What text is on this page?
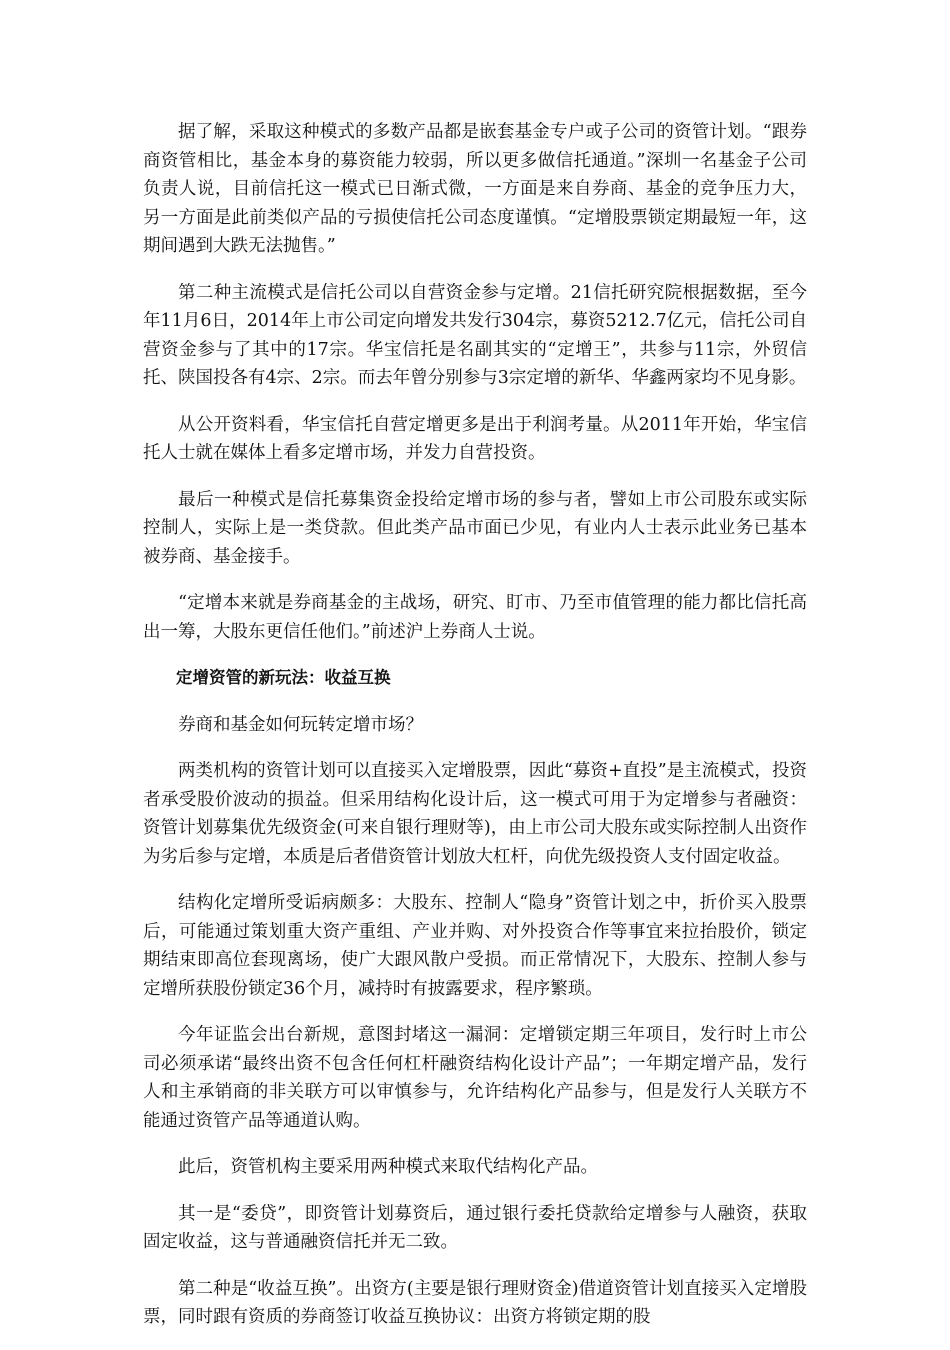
据了解，采取这种模式的多数产品都是嵌套基金专户或子公司的资管计划。“跟券商资管相比，基金本身的募资能力较弱，所以更多做信托通道。”深圳一名基金子公司负责人说，目前信托这一模式已日渐式微，一方面是来自券商、基金的竞争压力大，另一方面是此前类似产品的亏损使信托公司态度谨慎。“定增股票锁定期最短一年，这期间遇到大跌无法抛售。”

第二种主流模式是信托公司以自营资金参与定增。21信托研究院根据数据，至今年11月6日，2014年上市公司定向增发共发行304宗，募资5212.7亿元，信托公司自营资金参与了其中的17宗。华宝信托是名副其实的“定增王”，共参与11宗，外贸信托、陕国投各有4宗、2宗。而去年曾分别参与3宗定增的新华、华鑫两家均不见身影。

从公开资料看，华宝信托自营定增更多是出于利润考量。从2011年开始，华宝信托人士就在媒体上看多定增市场，并发力自营投资。

最后一种模式是信托募集资金投给定增市场的参与者，譬如上市公司股东或实际控制人，实际上是一类贷款。但此类产品市面已少见，有业内人士表示此业务已基本被券商、基金接手。

“定增本来就是券商基金的主战场，研究、盯市、乃至市值管理的能力都比信托高出一筹，大股东更信任他们。”前述沪上券商人士说。

定增资管的新玩法：收益互换

券商和基金如何玩转定增市场？

两类机构的资管计划可以直接买入定增股票，因此“募资+直投”是主流模式，投资者承受股价波动的损益。但采用结构化设计后，这一模式可用于为定增参与者融资：资管计划募集优先级资金(可来自银行理财等)，由上市公司大股东或实际控制人出资作为劣后参与定增，本质是后者借资管计划放大杠杆，向优先级投资人支付固定收益。

结构化定增所受诟病颇多：大股东、控制人“隐身”资管计划之中，折价买入股票后，可能通过策划重大资产重组、产业并购、对外投资合作等事宜来拉抬股价，锁定期结束即高位套现离场，使广大跟风散户受损。而正常情况下，大股东、控制人参与定增所获股份锁定36个月，减持时有披露要求，程序繁琐。

今年证监会出台新规，意图封堵这一漏洞：定增锁定期三年项目，发行时上市公司必须承诺“最终出资不包含任何杠杆融资结构化设计产品”；一年期定增产品，发行人和主承销商的非关联方可以审慎参与，允许结构化产品参与，但是发行人关联方不能通过资管产品等通道认购。

此后，资管机构主要采用两种模式来取代结构化产品。

其一是“委贷”，即资管计划募资后，通过银行委托贷款给定增参与人融资，获取固定收益，这与普通融资信托并无二致。

第二种是“收益互换”。出资方(主要是银行理财资金)借道资管计划直接买入定增股票，同时跟有资质的券商签订收益互换协议：出资方将锁定期的股
